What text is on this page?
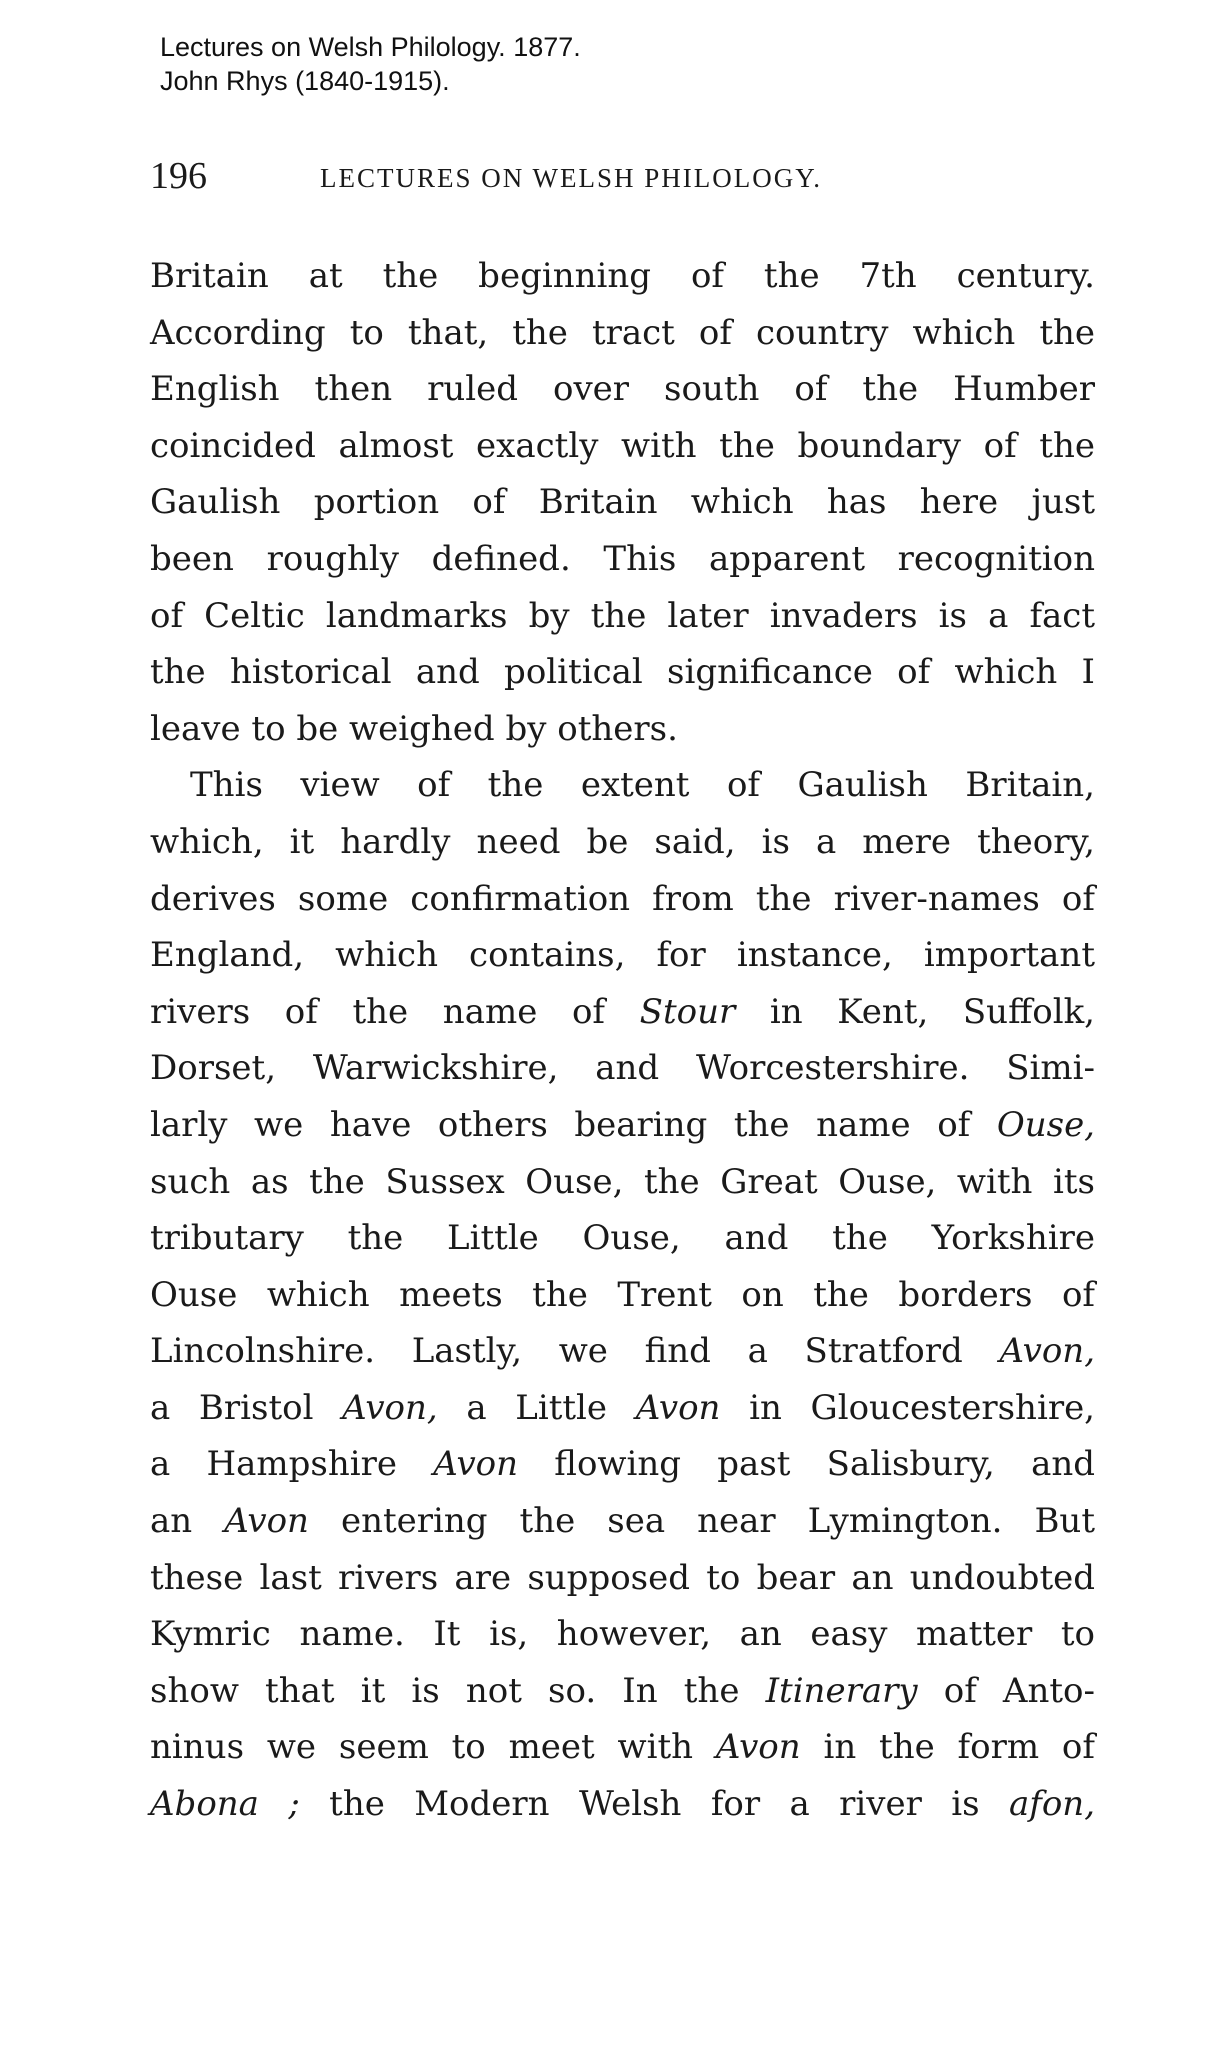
Lectures on Welsh Philology. 1877.
John Rhys (1840-1915).
196	LECTURES ON WELSH PHILOLOGY.
Britain at the beginning of the 7th century.
According to that, the tract of country which the
English then ruled over south of the Humber
coincided almost exactly with the boundary of the
Gaulish portion of Britain which has here just
been roughly defined. This apparent recognition
of Celtic landmarks by the later invaders is a fact
the historical and political significance of which I
leave to be weighed by others.
This view of the extent of Gaulish Britain,
which, it hardly need be said, is a mere theory,
derives some confirmation from the river-names of
England, which contains, for instance, important
rivers of the name of Stour in Kent, Suffolk,
Dorset, Warwickshire, and Worcestershire. Simi-
larly we have others bearing the name of Ouse,
such as the Sussex Ouse, the Great Ouse, with its
tributary the Little Ouse, and the Yorkshire
Ouse which meets the Trent on the borders of
Lincolnshire. Lastly, we find a Stratford Avon,
a Bristol Avon, a Little Avon in Gloucestershire,
a Hampshire Avon flowing past Salisbury, and
an Avon entering the sea near Lymington. But
these last rivers are supposed to bear an undoubted
Kymric name. It is, however, an easy matter to
show that it is not so. In the Itinerary of Anto-
ninus we seem to meet with Avon in the form of
Abona ; the Modern Welsh for a river is afon,
